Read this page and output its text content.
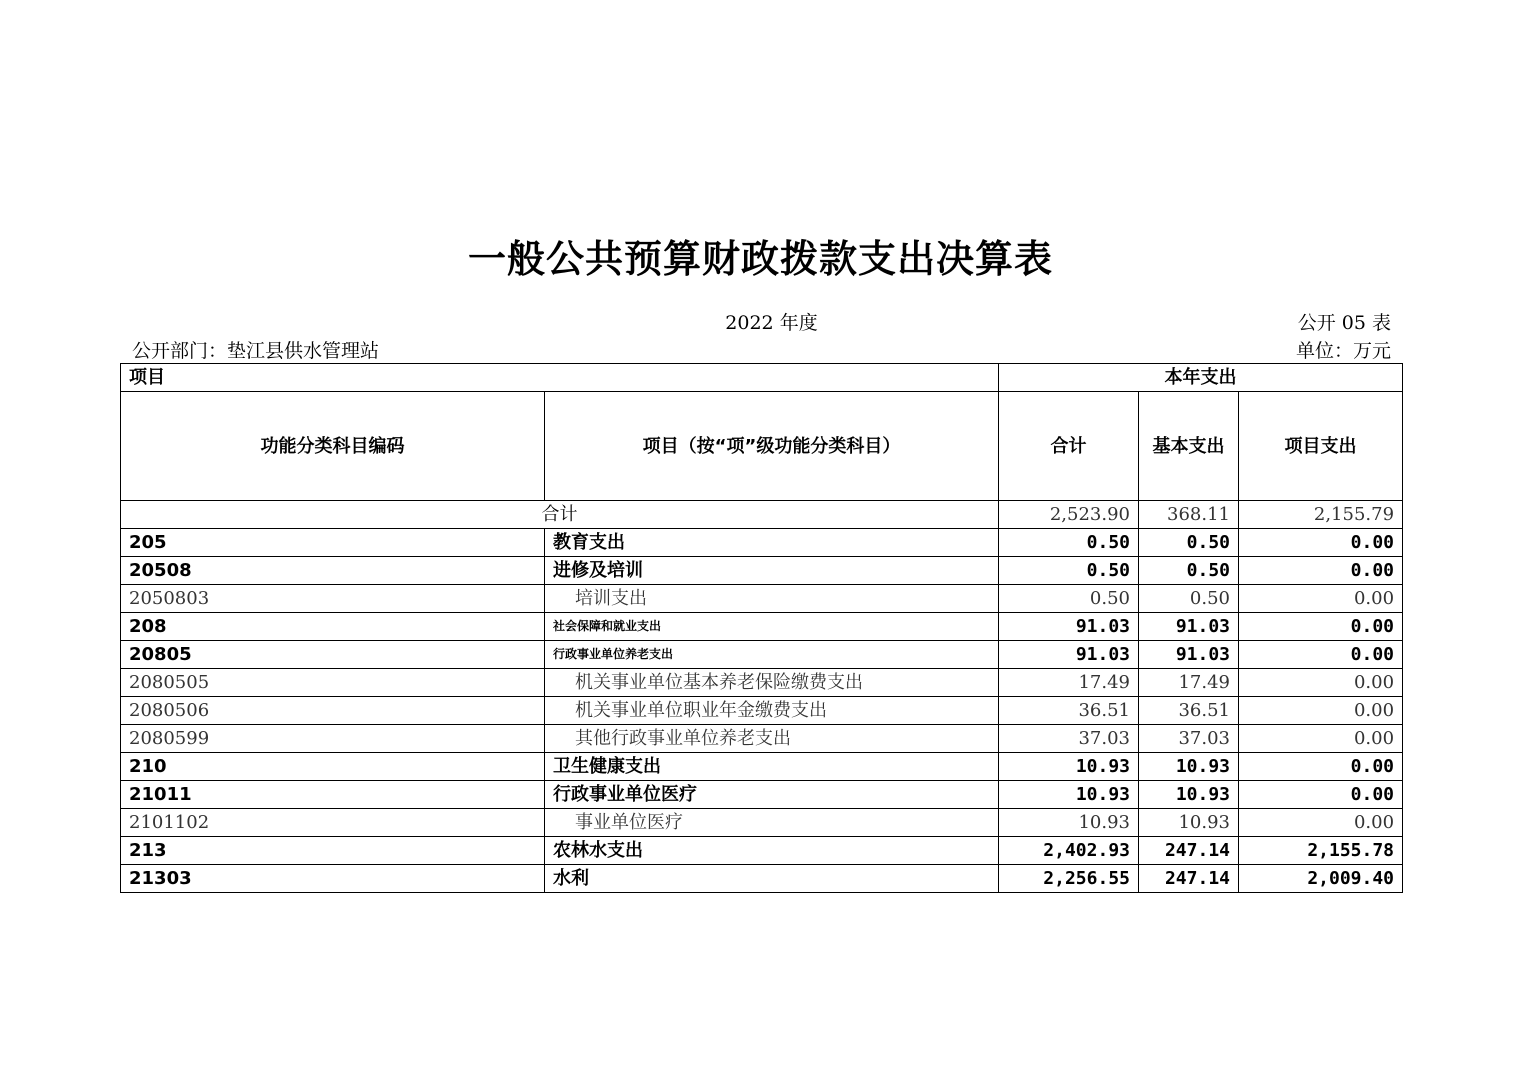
一般公共预算财政拨款支出决算表
2022 年度	公开 05 表
公开部门：垫江县供水管理站	单位：万元
项目		本年支出		
功能分类科目编码	项目（按“项”级功能分类科目）	合计	基本支出	项目支出
合计		2,523.90	368.11	2,155.79
205	教育支出	0.50	0.50	0.00
20508	进修及培训	0.50	0.50	0.00
2050803	培训支出	0.50	0.50	0.00
208	社会保障和就业支出	91.03	91.03	0.00
20805	行政事业单位养老支出	91.03	91.03	0.00
2080505	机关事业单位基本养老保险缴费支出	17.49	17.49	0.00
2080506	机关事业单位职业年金缴费支出	36.51	36.51	0.00
2080599	其他行政事业单位养老支出	37.03	37.03	0.00
210	卫生健康支出	10.93	10.93	0.00
21011	行政事业单位医疗	10.93	10.93	0.00
2101102	事业单位医疗	10.93	10.93	0.00
213	农林水支出	2,402.93	247.14	2,155.78
21303	水利	2,256.55	247.14	2,009.40
